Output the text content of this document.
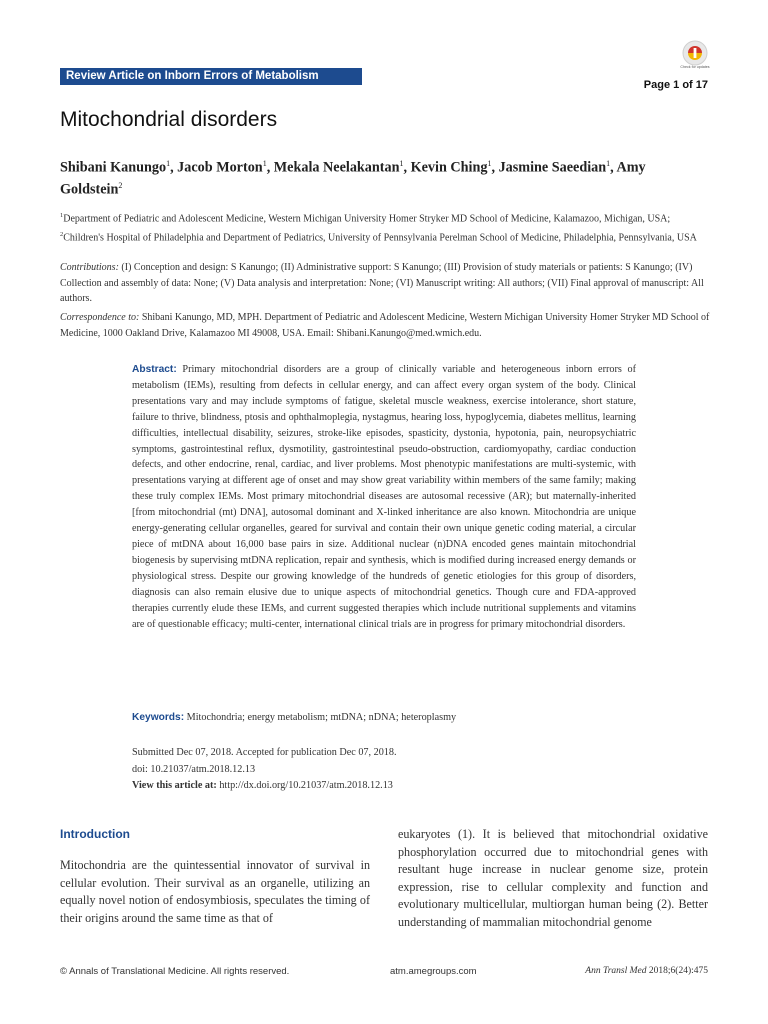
Review Article on Inborn Errors of Metabolism
Check for updates
Page 1 of 17
Mitochondrial disorders
Shibani Kanungo$^1$, Jacob Morton$^1$, Mekala Neelakantan$^1$, Kevin Ching$^1$, Jasmine Saeedian$^1$, Amy Goldstein$^2$
$^1$Department of Pediatric and Adolescent Medicine, Western Michigan University Homer Stryker MD School of Medicine, Kalamazoo, Michigan, USA; $^2$Children's Hospital of Philadelphia and Department of Pediatrics, University of Pennsylvania Perelman School of Medicine, Philadelphia, Pennsylvania, USA
Contributions: (I) Conception and design: S Kanungo; (II) Administrative support: S Kanungo; (III) Provision of study materials or patients: S Kanungo; (IV) Collection and assembly of data: None; (V) Data analysis and interpretation: None; (VI) Manuscript writing: All authors; (VII) Final approval of manuscript: All authors.
Correspondence to: Shibani Kanungo, MD, MPH. Department of Pediatric and Adolescent Medicine, Western Michigan University Homer Stryker MD School of Medicine, 1000 Oakland Drive, Kalamazoo MI 49008, USA. Email: Shibani.Kanungo@med.wmich.edu.
Abstract: Primary mitochondrial disorders are a group of clinically variable and heterogeneous inborn errors of metabolism (IEMs), resulting from defects in cellular energy, and can affect every organ system of the body. Clinical presentations vary and may include symptoms of fatigue, skeletal muscle weakness, exercise intolerance, short stature, failure to thrive, blindness, ptosis and ophthalmoplegia, nystagmus, hearing loss, hypoglycemia, diabetes mellitus, learning difficulties, intellectual disability, seizures, stroke-like episodes, spasticity, dystonia, hypotonia, pain, neuropsychiatric symptoms, gastrointestinal reflux, dysmotility, gastrointestinal pseudo-obstruction, cardiomyopathy, cardiac conduction defects, and other endocrine, renal, cardiac, and liver problems. Most phenotypic manifestations are multi-systemic, with presentations varying at different age of onset and may show great variability within members of the same family; making these truly complex IEMs. Most primary mitochondrial diseases are autosomal recessive (AR); but maternally-inherited [from mitochondrial (mt) DNA], autosomal dominant and X-linked inheritance are also known. Mitochondria are unique energy-generating cellular organelles, geared for survival and contain their own unique genetic coding material, a circular piece of mtDNA about 16,000 base pairs in size. Additional nuclear (n)DNA encoded genes maintain mitochondrial biogenesis by supervising mtDNA replication, repair and synthesis, which is modified during increased energy demands or physiological stress. Despite our growing knowledge of the hundreds of genetic etiologies for this group of disorders, diagnosis can also remain elusive due to unique aspects of mitochondrial genetics. Though cure and FDA-approved therapies currently elude these IEMs, and current suggested therapies which include nutritional supplements and vitamins are of questionable efficacy; multi-center, international clinical trials are in progress for primary mitochondrial disorders.
Keywords: Mitochondria; energy metabolism; mtDNA; nDNA; heteroplasmy
Submitted Dec 07, 2018. Accepted for publication Dec 07, 2018.
doi: 10.21037/atm.2018.12.13
View this article at: http://dx.doi.org/10.21037/atm.2018.12.13
Introduction
Mitochondria are the quintessential innovator of survival in cellular evolution. Their survival as an organelle, utilizing an equally novel notion of endosymbiosis, speculates the timing of their origins around the same time as that of
eukaryotes (1). It is believed that mitochondrial oxidative phosphorylation occurred due to mitochondrial genes with resultant huge increase in nuclear genome size, protein expression, rise to cellular complexity and function and evolutionary multicellular, multiorgan human being (2). Better understanding of mammalian mitochondrial genome
© Annals of Translational Medicine. All rights reserved.	atm.amegroups.com	Ann Transl Med 2018;6(24):475
